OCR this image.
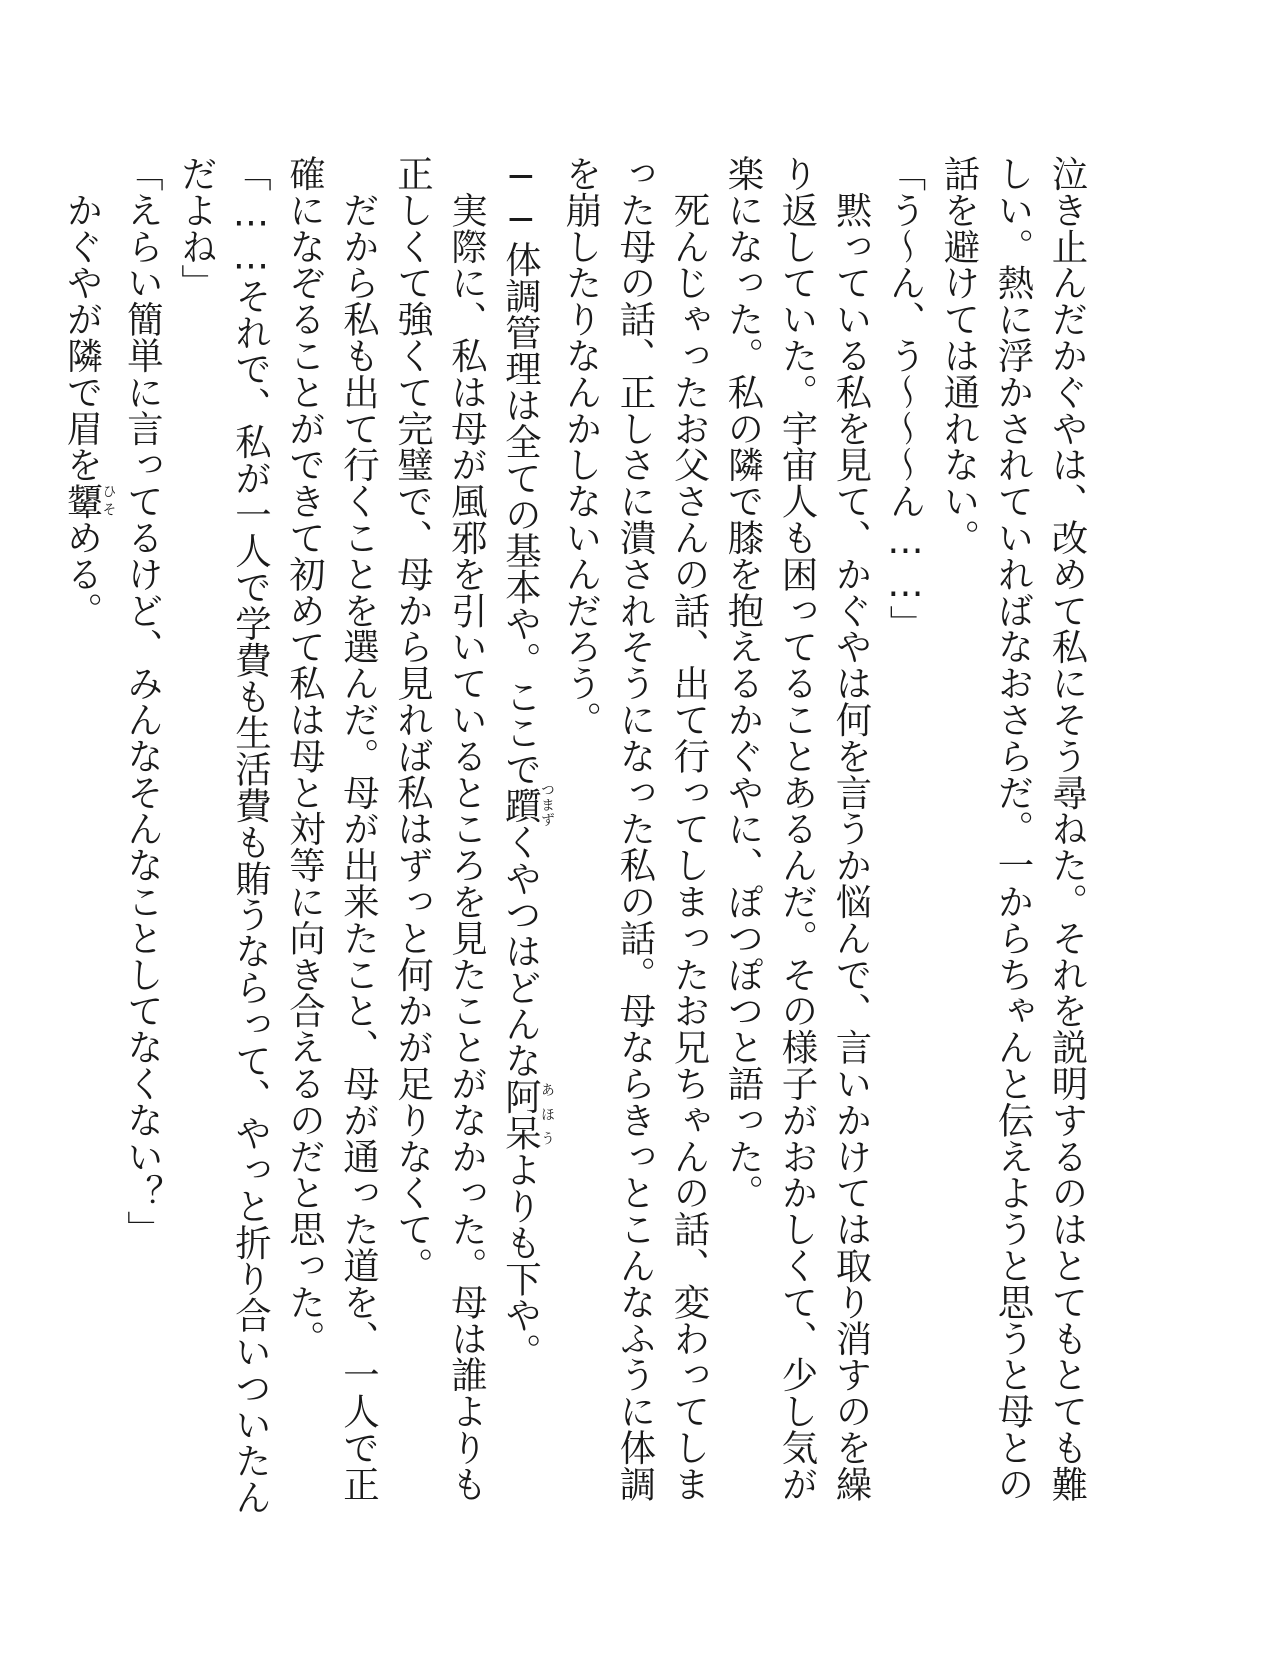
泣き止んだかぐやは、改めて私にそう尋ねた。それを説明するのはとてもとても難しい。熱に浮かされていればなおさらだ。一からちゃんと伝えようと思うと母との話を避けては通れない。

「う〜ん、う〜〜〜ん……」

　黙っている私を見て、かぐやは何を言うか悩んで、言いかけては取り消すのを繰り返していた。宇宙人も困ってることあるんだ。その様子がおかしくて、少し気が楽になった。私の隣で膝を抱えるかぐやに、ぽつぽつと語った。

　死んじゃったお父さんの話、出て行ってしまったお兄ちゃんの話、変わってしまった母の話、正しさに潰されそうになった私の話。母ならきっとこんなふうに体調を崩したりなんかしないんだろう。

──体調管理は全ての基本や。ここで躓つまずくやつはどんな阿呆あほうよりも下や。

　実際に、私は母が風邪を引いているところを見たことがなかった。母は誰よりも正しくて強くて完璧で、母から見れば私はずっと何かが足りなくて。

　だから私も出て行くことを選んだ。母が出来たこと、母が通った道を、一人で正確になぞることができて初めて私は母と対等に向き合えるのだと思った。

「……それで、私が一人で学費も生活費も賄うならって、やっと折り合いついたんだよね」

「えらい簡単に言ってるけど、みんなそんなことしてなくない？」

　かぐやが隣で眉を顰ひそめる。
